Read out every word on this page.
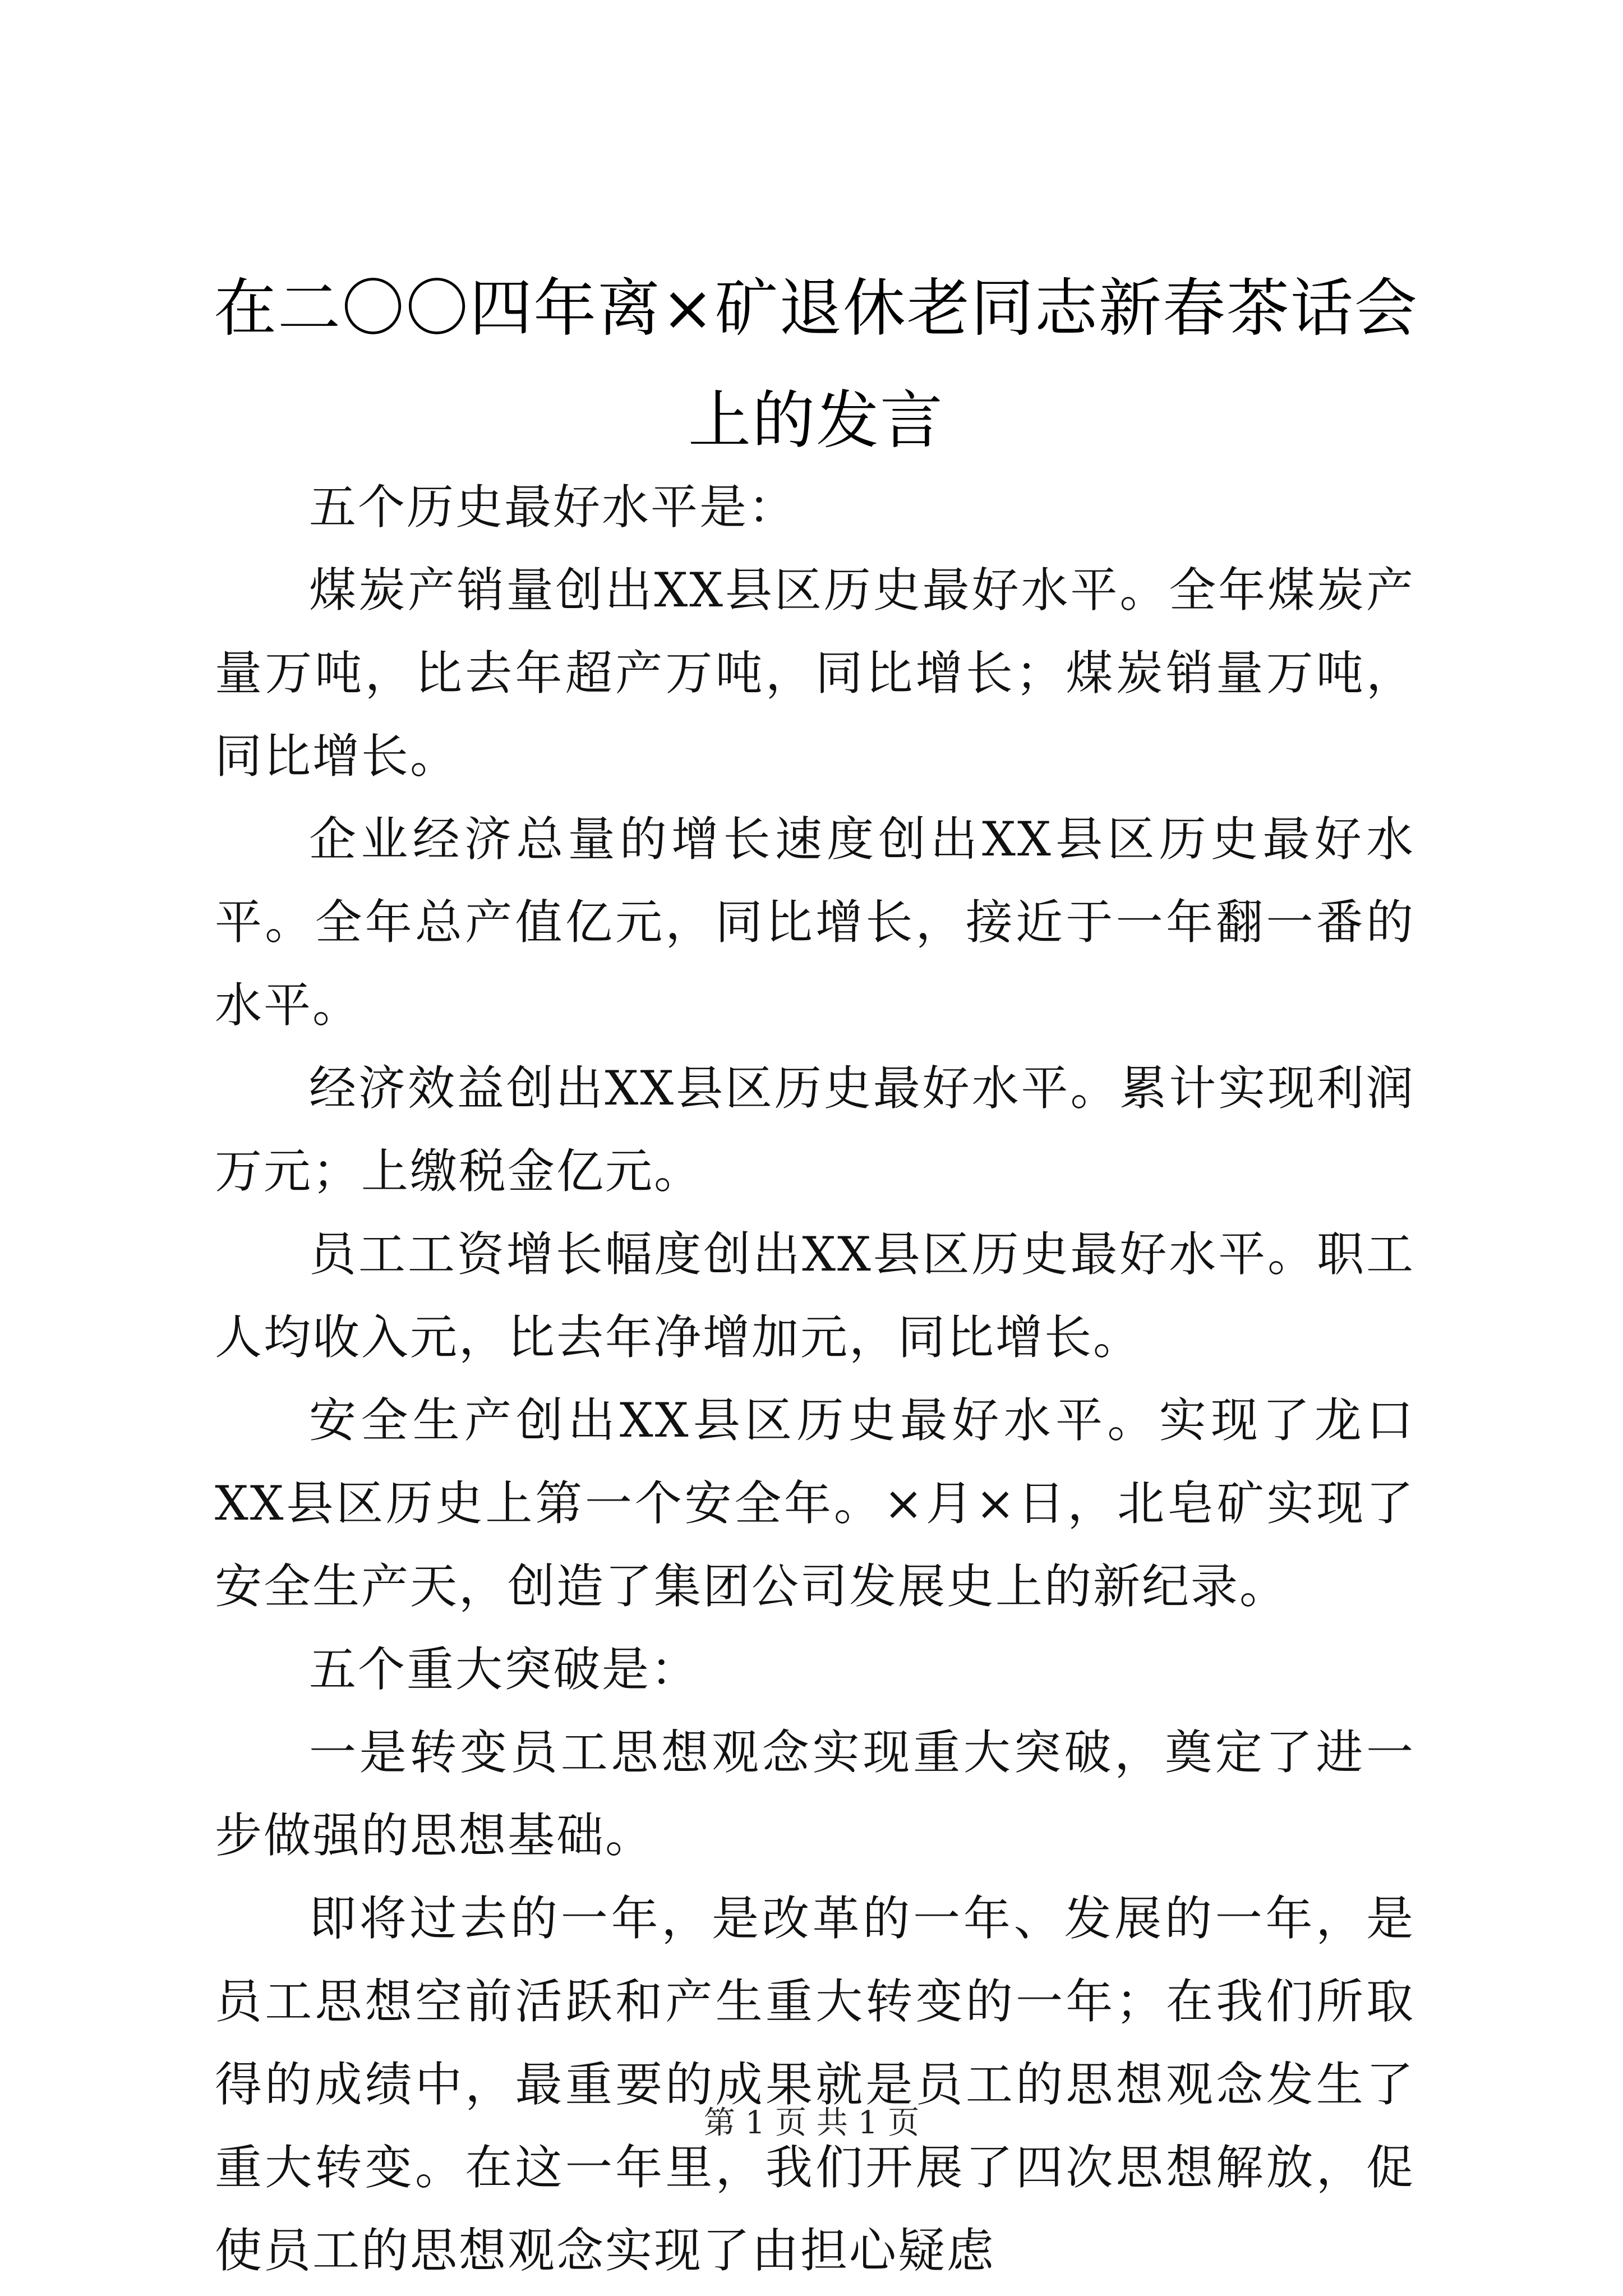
在二〇〇四年离×矿退休老同志新春茶话会上的发言

五个历史最好水平是：

煤炭产销量创出XX县区历史最好水平。全年煤炭产量万吨，比去年超产万吨，同比增长；煤炭销量万吨，同比增长。

企业经济总量的增长速度创出XX县区历史最好水平。全年总产值亿元，同比增长，接近于一年翻一番的水平。

经济效益创出XX县区历史最好水平。累计实现利润万元；上缴税金亿元。

员工工资增长幅度创出XX县区历史最好水平。职工人均收入元，比去年净增加元，同比增长。

安全生产创出XX县区历史最好水平。实现了龙口XX县区历史上第一个安全年。×月×日，北皂矿实现了安全生产天，创造了集团公司发展史上的新纪录。

五个重大突破是：

一是转变员工思想观念实现重大突破，奠定了进一步做强的思想基础。

即将过去的一年，是改革的一年、发展的一年，是员工思想空前活跃和产生重大转变的一年；在我们所取得的成绩中，最重要的成果就是员工的思想观念发生了重大转变。在这一年里，我们开展了四次思想解放，促使员工的思想观念实现了由担心疑虑

第 1 页 共 1 页
